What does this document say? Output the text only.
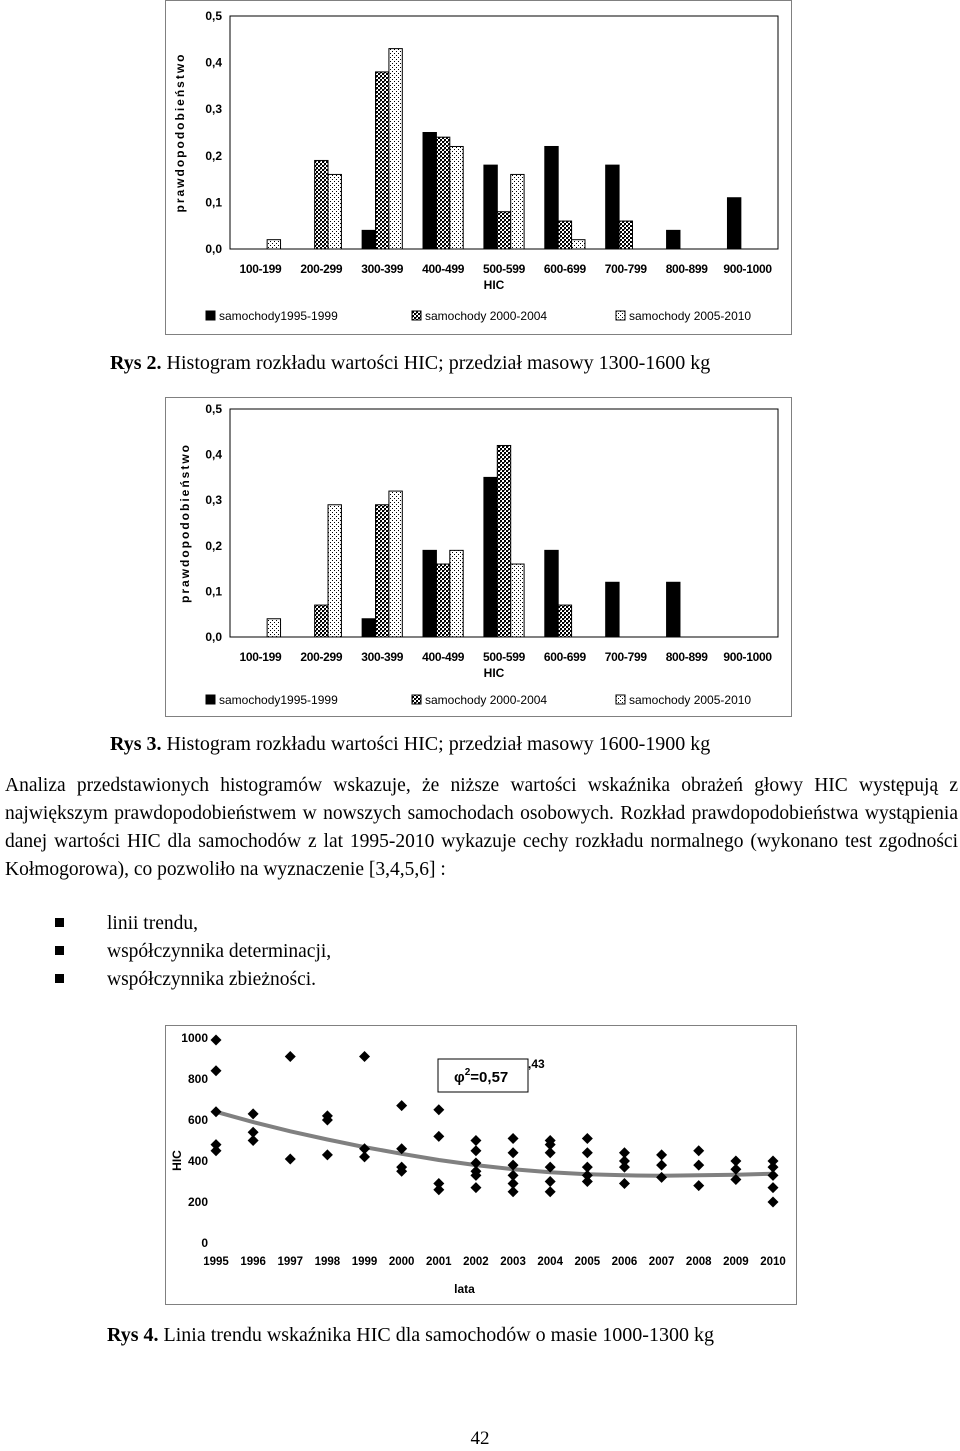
0,0
0,1
0,2
0,3
0,4
0,5
prawdopodobieństwo
100-199 200-299 300-399 400-499 500-599 600-699 700-799 800-899 900-1000
HIC
samochody1995-1999	samochody 2000-2004	samochody 2005-2010
Rys 2. Histogram rozkładu wartości HIC; przedział masowy 1300-1600 kg
0,0
0,1
0,2
0,3
0,4
0,5
prawdopodobieństwo
100-199 200-299 300-399 400-499 500-599 600-699 700-799 800-899 900-1000
HIC
samochody1995-1999	samochody 2000-2004	samochody 2005-2010
Rys 3. Histogram rozkładu wartości HIC; przedział masowy 1600-1900 kg
Analiza przedstawionych histogramów wskazuje, że niższe wartości wskaźnika obrażeń głowy HIC występują z największym prawdopodobieństwem w nowszych samochodach osobowych. Rozkład prawdopodobieństwa wystąpienia danej wartości HIC dla samochodów z lat 1995-2010 wykazuje cechy rozkładu normalnego (wykonano test zgodności Kołmogorowa), co pozwoliło na wyznaczenie [3,4,5,6] :
linii trendu,
współczynnika determinacji,
współczynnika zbieżności.
0
200
400
600
800
1000
1995 1996 1997 1998 1999 2000 2001 2002 2003 2004 2005 2006 2007 2008 2009 2010
HIC
lata
,43
$\varphi^2=0,57$
Rys 4. Linia trendu wskaźnika HIC dla samochodów o masie 1000-1300 kg
42
